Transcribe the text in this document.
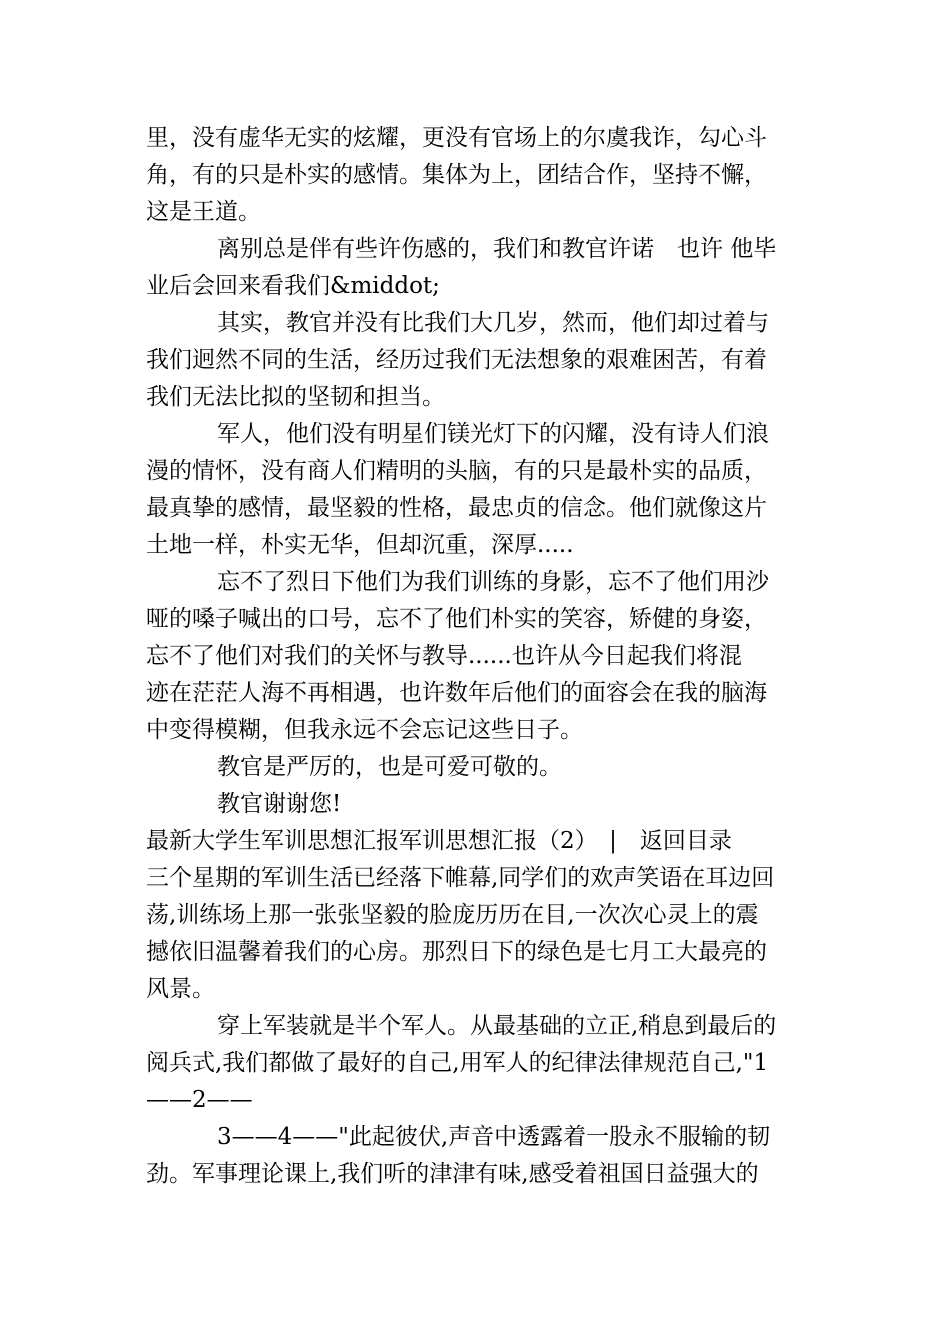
里，没有虚华无实的炫耀，更没有官场上的尔虞我诈，勾心斗
角，有的只是朴实的感情。集体为上，团结合作，坚持不懈，
这是王道。
离别总是伴有些许伤感的，我们和教官许诺　也许 他毕
业后会回来看我们&middot;
其实，教官并没有比我们大几岁，然而，他们却过着与
我们迥然不同的生活，经历过我们无法想象的艰难困苦，有着
我们无法比拟的坚韧和担当。
军人，他们没有明星们镁光灯下的闪耀，没有诗人们浪
漫的情怀，没有商人们精明的头脑，有的只是最朴实的品质，
最真挚的感情，最坚毅的性格，最忠贞的信念。他们就像这片
土地一样，朴实无华，但却沉重，深厚.....
忘不了烈日下他们为我们训练的身影，忘不了他们用沙
哑的嗓子喊出的口号，忘不了他们朴实的笑容，矫健的身姿，
忘不了他们对我们的关怀与教导......也许从今日起我们将混
迹在茫茫人海不再相遇，也许数年后他们的面容会在我的脑海
中变得模糊，但我永远不会忘记这些日子。
教官是严厉的，也是可爱可敬的。
教官谢谢您!
最新大学生军训思想汇报军训思想汇报（2）　|　返回目录
三个星期的军训生活已经落下帷幕,同学们的欢声笑语在耳边回
荡,训练场上那一张张坚毅的脸庞历历在目,一次次心灵上的震
撼依旧温馨着我们的心房。那烈日下的绿色是七月工大最亮的
风景。
穿上军装就是半个军人。从最基础的立正,稍息到最后的
阅兵式,我们都做了最好的自己,用军人的纪律法律规范自己,"1
——2——
3——4——"此起彼伏,声音中透露着一股永不服输的韧
劲。军事理论课上,我们听的津津有味,感受着祖国日益强大的
